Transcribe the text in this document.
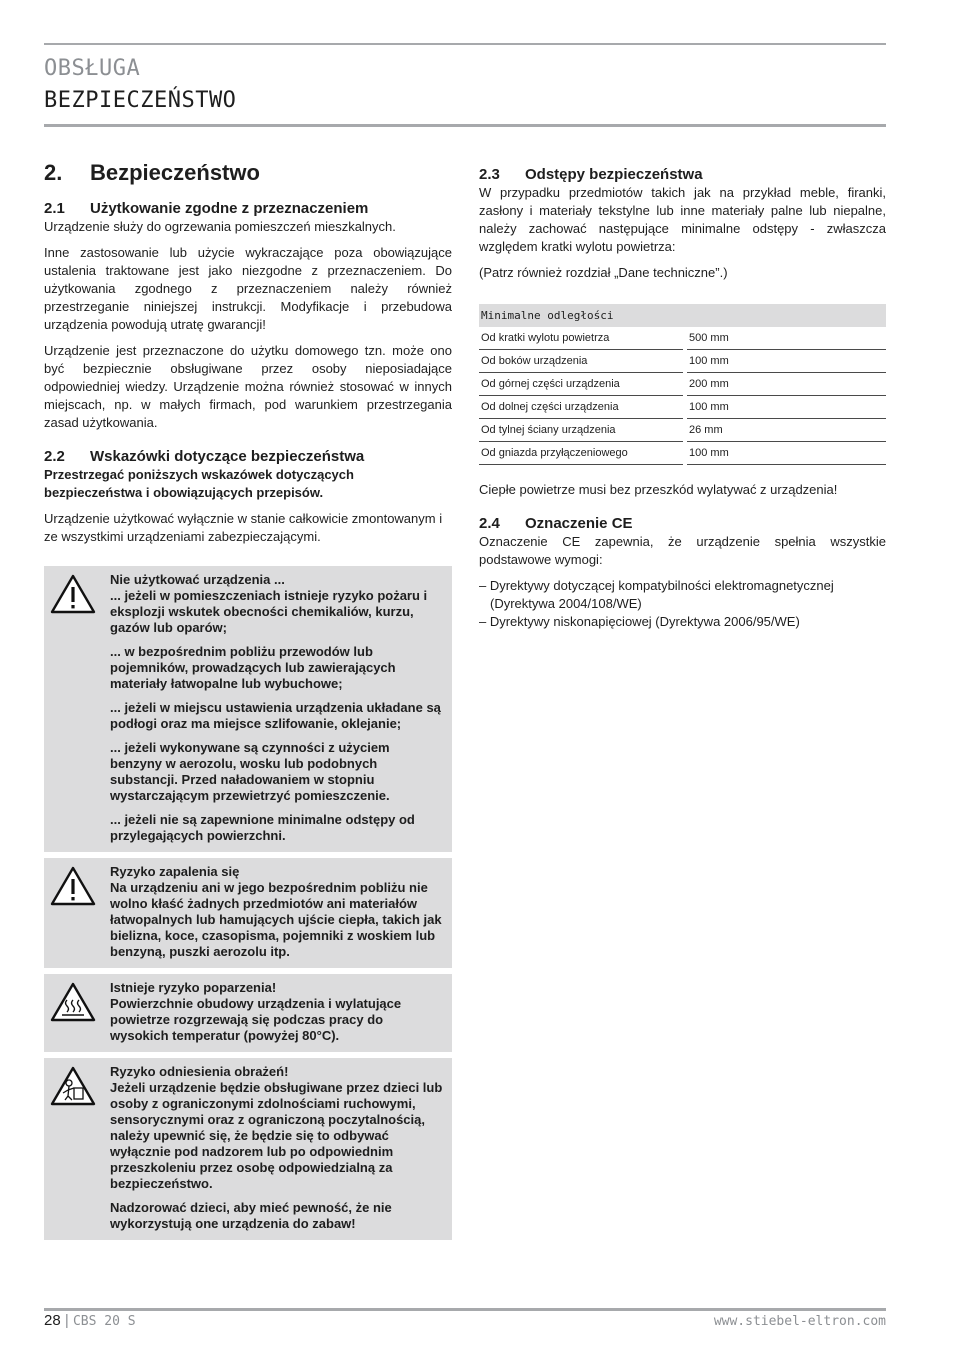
OBSŁUGA
BEZPIECZEŃSTWO
2.	Bezpieczeństwo
2.1	Użytkowanie zgodne z przeznaczeniem

Urządzenie służy do ogrzewania pomieszczeń mieszkalnych.

Inne zastosowanie lub użycie wykraczające poza obowiązujące ustalenia traktowane jest jako niezgodne z przeznaczeniem. Do użytkowania zgodnego z przeznaczeniem należy również przestrzeganie niniejszej instrukcji. Modyfikacje i przebudowa urządzenia powodują utratę gwarancji!

Urządzenie jest przeznaczone do użytku domowego tzn. może ono być bezpiecznie obsługiwane przez osoby nieposiadające odpowiedniej wiedzy. Urządzenie można również stosować w innych miejscach, np. w małych firmach, pod warunkiem przestrzegania zasad użytkowania.

2.2	Wskazówki dotyczące bezpieczeństwa

Przestrzegać poniższych wskazówek dotyczących bezpieczeństwa i obowiązujących przepisów.

Urządzenie użytkować wyłącznie w stanie całkowicie zmontowanym i ze wszystkimi urządzeniami zabezpieczającymi.

Nie użytkować urządzenia ...
... jeżeli w pomieszczeniach istnieje ryzyko pożaru i eksplozji wskutek obecności chemikaliów, kurzu, gazów lub oparów;

... w bezpośrednim pobliżu przewodów lub pojemników, prowadzących lub zawierających materiały łatwopalne lub wybuchowe;

... jeżeli w miejscu ustawienia urządzenia układane są podłogi oraz ma miejsce szlifowanie, oklejanie;

... jeżeli wykonywane są czynności z użyciem benzyny w aerozolu, wosku lub podobnych substancji. Przed naładowaniem w stopniu wystarczającym przewietrzyć pomieszczenie.

... jeżeli nie są zapewnione minimalne odstępy od przylegających powierzchni.

Ryzyko zapalenia się
Na urządzeniu ani w jego bezpośrednim pobliżu nie wolno kłaść żadnych przedmiotów ani materiałów łatwopalnych lub hamujących ujście ciepła, takich jak bielizna, koce, czasopisma, pojemniki z woskiem lub benzyną, puszki aerozolu itp.

Istnieje ryzyko poparzenia!
Powierzchnie obudowy urządzenia i wylatujące powietrze rozgrzewają się podczas pracy do wysokich temperatur (powyżej 80°C).

Ryzyko odniesienia obrażeń!
Jeżeli urządzenie będzie obsługiwane przez dzieci lub osoby z ograniczonymi zdolnościami ruchowymi, sensorycznymi oraz z ograniczoną poczytalnością, należy upewnić się, że będzie się to odbywać wyłącznie pod nadzorem lub po odpowiednim przeszkoleniu przez osobę odpowiedzialną za bezpieczeństwo.

Nadzorować dzieci, aby mieć pewność, że nie wykorzystują one urządzenia do zabaw!

2.3	Odstępy bezpieczeństwa

W przypadku przedmiotów takich jak na przykład meble, firanki, zasłony i materiały tekstylne lub inne materiały palne lub niepalne, należy zachować następujące minimalne odstępy - zwłaszcza względem kratki wylotu powietrza:

(Patrz również rozdział „Dane techniczne”.)

Minimalne odległości		
Od kratki wylotu powietrza		500 mm
Od boków urządzenia		100 mm
Od górnej części urządzenia		200 mm
Od dolnej części urządzenia		100 mm
Od tylnej ściany urządzenia		26 mm
Od gniazda przyłączeniowego		100 mm

Ciepłe powietrze musi bez przeszkód wylatywać z urządzenia!

2.4	Oznaczenie CE

Oznaczenie CE zapewnia, że urządzenie spełnia wszystkie podstawowe wymogi:

– Dyrektywy dotyczącej kompatybilności elektromagnetycznej (Dyrektywa 2004/108/WE)
– Dyrektywy niskonapięciowej (Dyrektywa 2006/95/WE)
28 | CBS 20 S	www.stiebel-eltron.com
